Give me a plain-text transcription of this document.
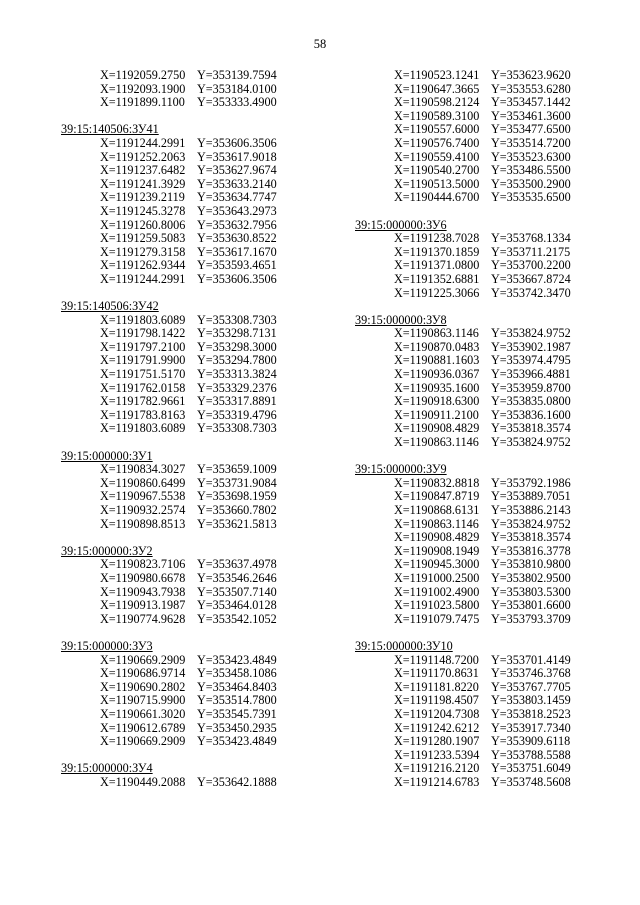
58
X=1192059.2750 Y=353139.7594
X=1192093.1900 Y=353184.0100
X=1191899.1100 Y=353333.4900
39:15:140506:ЗУ41
X=1191244.2991 Y=353606.3506
X=1191252.2063 Y=353617.9018
X=1191237.6482 Y=353627.9674
X=1191241.3929 Y=353633.2140
X=1191239.2119 Y=353634.7747
X=1191245.3278 Y=353643.2973
X=1191260.8006 Y=353632.7956
X=1191259.5083 Y=353630.8522
X=1191279.3158 Y=353617.1670
X=1191262.9344 Y=353593.4651
X=1191244.2991 Y=353606.3506
39:15:140506:ЗУ42
X=1191803.6089 Y=353308.7303
X=1191798.1422 Y=353298.7131
X=1191797.2100 Y=353298.3000
X=1191791.9900 Y=353294.7800
X=1191751.5170 Y=353313.3824
X=1191762.0158 Y=353329.2376
X=1191782.9661 Y=353317.8891
X=1191783.8163 Y=353319.4796
X=1191803.6089 Y=353308.7303
39:15:000000:ЗУ1
X=1190834.3027 Y=353659.1009
X=1190860.6499 Y=353731.9084
X=1190967.5538 Y=353698.1959
X=1190932.2574 Y=353660.7802
X=1190898.8513 Y=353621.5813
39:15:000000:ЗУ2
X=1190823.7106 Y=353637.4978
X=1190980.6678 Y=353546.2646
X=1190943.7938 Y=353507.7140
X=1190913.1987 Y=353464.0128
X=1190774.9628 Y=353542.1052
39:15:000000:ЗУ3
X=1190669.2909 Y=353423.4849
X=1190686.9714 Y=353458.1086
X=1190690.2802 Y=353464.8403
X=1190715.9900 Y=353514.7800
X=1190661.3020 Y=353545.7391
X=1190612.6789 Y=353450.2935
X=1190669.2909 Y=353423.4849
39:15:000000:ЗУ4
X=1190449.2088 Y=353642.1888
X=1190523.1241 Y=353623.9620
X=1190647.3665 Y=353553.6280
X=1190598.2124 Y=353457.1442
X=1190589.3100 Y=353461.3600
X=1190557.6000 Y=353477.6500
X=1190576.7400 Y=353514.7200
X=1190559.4100 Y=353523.6300
X=1190540.2700 Y=353486.5500
X=1190513.5000 Y=353500.2900
X=1190444.6700 Y=353535.6500
39:15:000000:ЗУ6
X=1191238.7028 Y=353768.1334
X=1191370.1859 Y=353711.2175
X=1191371.0800 Y=353700.2200
X=1191352.6881 Y=353667.8724
X=1191225.3066 Y=353742.3470
39:15:000000:ЗУ8
X=1190863.1146 Y=353824.9752
X=1190870.0483 Y=353902.1987
X=1190881.1603 Y=353974.4795
X=1190936.0367 Y=353966.4881
X=1190935.1600 Y=353959.8700
X=1190918.6300 Y=353835.0800
X=1190911.2100 Y=353836.1600
X=1190908.4829 Y=353818.3574
X=1190863.1146 Y=353824.9752
39:15:000000:ЗУ9
X=1190832.8818 Y=353792.1986
X=1190847.8719 Y=353889.7051
X=1190868.6131 Y=353886.2143
X=1190863.1146 Y=353824.9752
X=1190908.4829 Y=353818.3574
X=1190908.1949 Y=353816.3778
X=1190945.3000 Y=353810.9800
X=1191000.2500 Y=353802.9500
X=1191002.4900 Y=353803.5300
X=1191023.5800 Y=353801.6600
X=1191079.7475 Y=353793.3709
39:15:000000:ЗУ10
X=1191148.7200 Y=353701.4149
X=1191170.8631 Y=353746.3768
X=1191181.8220 Y=353767.7705
X=1191198.4507 Y=353803.1459
X=1191204.7308 Y=353818.2523
X=1191242.6212 Y=353917.7340
X=1191280.1907 Y=353909.6118
X=1191233.5394 Y=353788.5588
X=1191216.2120 Y=353751.6049
X=1191214.6783 Y=353748.5608
